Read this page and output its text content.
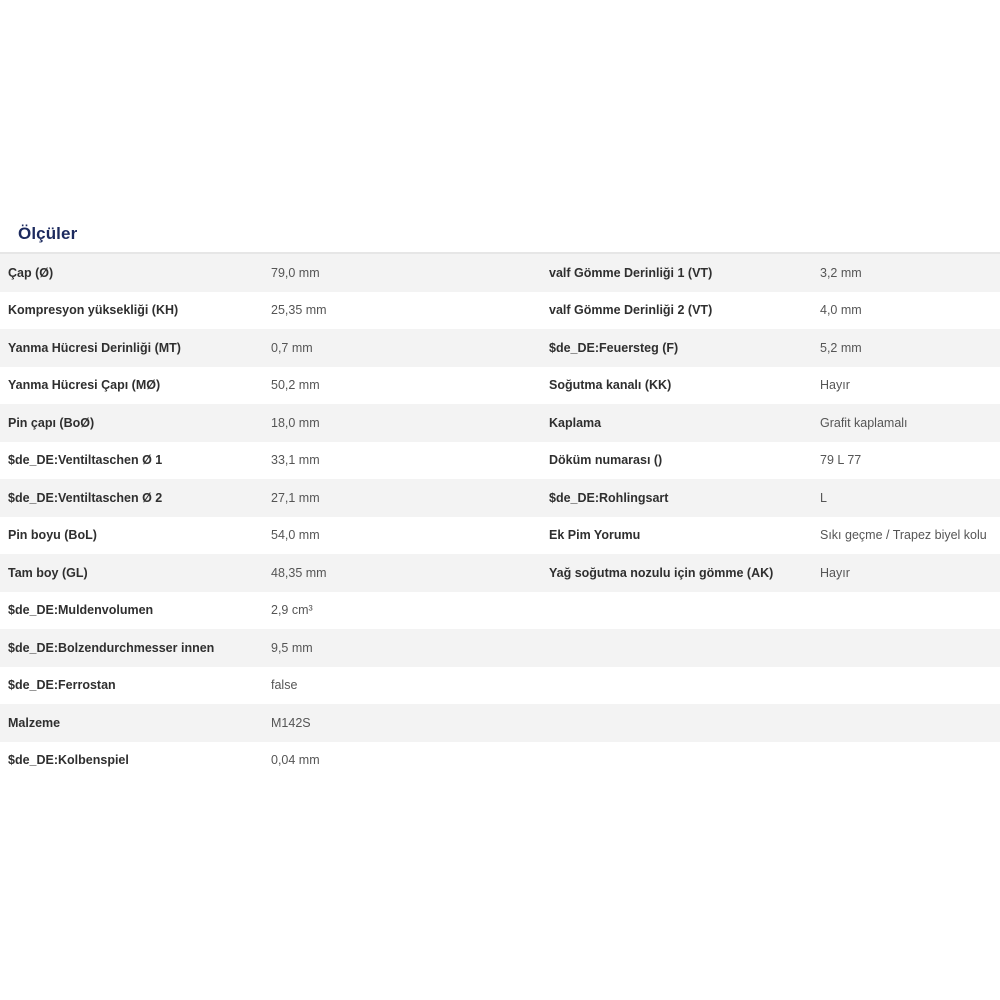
Ölçüler
Çap (Ø)	79,0 mm
Kompresyon yüksekliği (KH)	25,35 mm
Yanma Hücresi Derinliği (MT)	0,7 mm
Yanma Hücresi Çapı (MØ)	50,2 mm
Pin çapı (BoØ)	18,0 mm
$de_DE:Ventiltaschen Ø 1	33,1 mm
$de_DE:Ventiltaschen Ø 2	27,1 mm
Pin boyu (BoL)	54,0 mm
Tam boy (GL)	48,35 mm
$de_DE:Muldenvolumen	2,9 cm³
$de_DE:Bolzendurchmesser innen	9,5 mm
$de_DE:Ferrostan	false
Malzeme	M142S
$de_DE:Kolbenspiel	0,04 mm
valf Gömme Derinliği 1 (VT)	3,2 mm
valf Gömme Derinliği 2 (VT)	4,0 mm
$de_DE:Feuersteg (F)	5,2 mm
Soğutma kanalı (KK)	Hayır
Kaplama	Grafit kaplamalı
Döküm numarası ()	79 L 77
$de_DE:Rohlingsart	L
Ek Pim Yorumu	Sıkı geçme / Trapez biyel kolu
Yağ soğutma nozulu için gömme (AK)	Hayır
